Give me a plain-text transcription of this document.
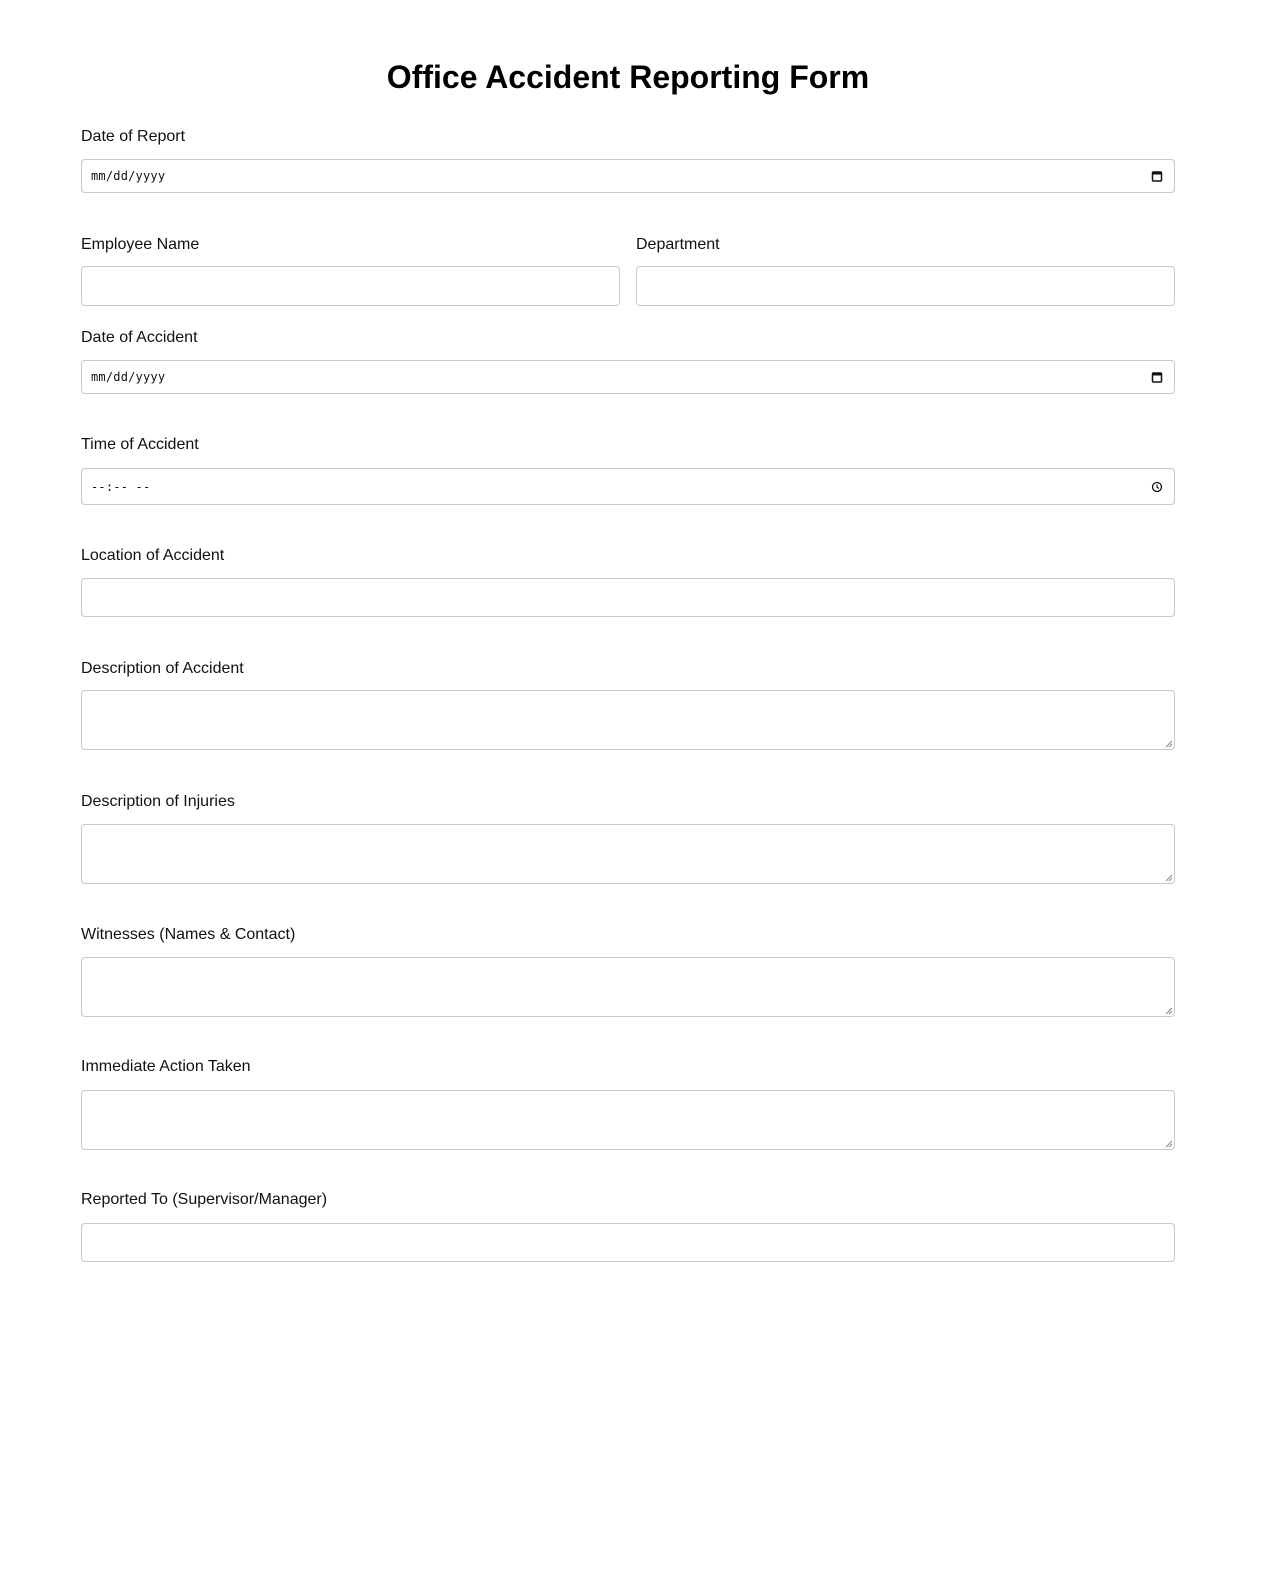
Office Accident Reporting Form
Date of Report
mm/dd/yyyy
Employee Name	Department
Date of Accident
mm/dd/yyyy
Time of Accident
--:-- --
Location of Accident
Description of Accident
Description of Injuries
Witnesses (Names & Contact)
Immediate Action Taken
Reported To (Supervisor/Manager)
